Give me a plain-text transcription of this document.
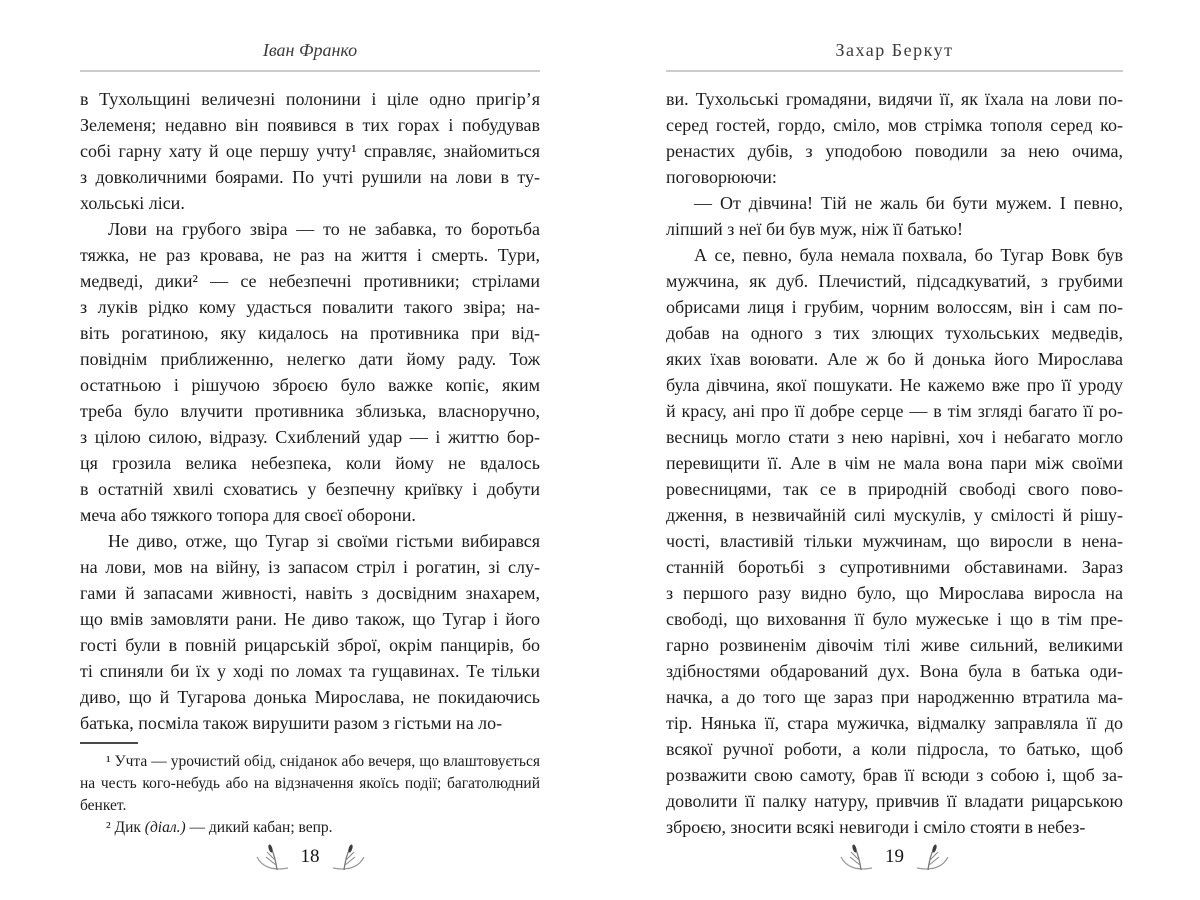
Іван Франко
в Тухольщині величезні полонини і ціле одно пригір’я
Зелеменя; недавно він появився в тих горах і побудував
собі гарну хату й оце першу учту¹ справляє, знайомиться
з довколичними боярами. По учті рушили на лови в ту-
хольські ліси.
Лови на грубого звіра — то не забавка, то боротьба
тяжка, не раз кровава, не раз на життя і смерть. Тури,
медведі, дики² — се небезпечні противники; стрілами
з луків рідко кому удасться повалити такого звіра; на-
віть рогатиною, яку кидалось на противника при від-
повіднім приближенню, нелегко дати йому раду. Тож
остатньою і рішучою зброєю було важке копіє, яким
треба було влучити противника зблизька, власноручно,
з цілою силою, відразу. Схиблений удар — і життю бор-
ця грозила велика небезпека, коли йому не вдалось
в остатній хвилі сховатись у безпечну криївку і добути
меча або тяжкого топора для своєї оборони.
Не диво, отже, що Тугар зі своїми гістьми вибирався
на лови, мов на війну, із запасом стріл і рогатин, зі слу-
гами й запасами живності, навіть з досвідним знахарем,
що вмів замовляти рани. Не диво також, що Тугар і його
гості були в повній рицарській зброї, окрім панцирів, бо
ті спиняли би їх у ході по ломах та гущавинах. Те тільки
диво, що й Тугарова донька Мирослава, не покидаючись
батька, посміла також вирушити разом з гістьми на ло-
¹ Учта — урочистий обід, сніданок або вечеря, що влаштовується
на честь кого-небудь або на відзначення якоїсь події; багатолюдний
бенкет.
² Дик (діал.) — дикий кабан; вепр.
18
Захар Беркут
ви. Тухольські громадяни, видячи її, як їхала на лови по-
серед гостей, гордо, сміло, мов стрімка тополя серед ко-
ренастих дубів, з уподобою поводили за нею очима,
поговорюючи:
— От дівчина! Тій не жаль би бути мужем. І певно,
ліпший з неї би був муж, ніж її батько!
А се, певно, була немала похвала, бо Тугар Вовк був
мужчина, як дуб. Плечистий, підсадкуватий, з грубими
обрисами лиця і грубим, чорним волоссям, він і сам по-
добав на одного з тих злющих тухольських медведів,
яких їхав воювати. Але ж бо й донька його Мирослава
була дівчина, якої пошукати. Не кажемо вже про її уроду
й красу, ані про її добре серце — в тім згляді багато її ро-
весниць могло стати з нею нарівні, хоч і небагато могло
перевищити її. Але в чім не мала вона пари між своїми
ровесницями, так се в природній свободі свого пово-
дження, в незвичайній силі мускулів, у смілості й рішу-
чості, властивій тільки мужчинам, що виросли в нена-
станній боротьбі з супротивними обставинами. Зараз
з першого разу видно було, що Мирослава виросла на
свободі, що виховання її було мужеське і що в тім пре-
гарно розвиненім дівочім тілі живе сильний, великими
здібностями обдарований дух. Вона була в батька оди-
начка, а до того ще зараз при народженню втратила ма-
тір. Нянька її, стара мужичка, відмалку заправляла її до
всякої ручної роботи, а коли підросла, то батько, щоб
розважити свою самоту, брав її всюди з собою і, щоб за-
доволити її палку натуру, привчив її владати рицарською
зброєю, зносити всякі невигоди і сміло стояти в небез-
19
